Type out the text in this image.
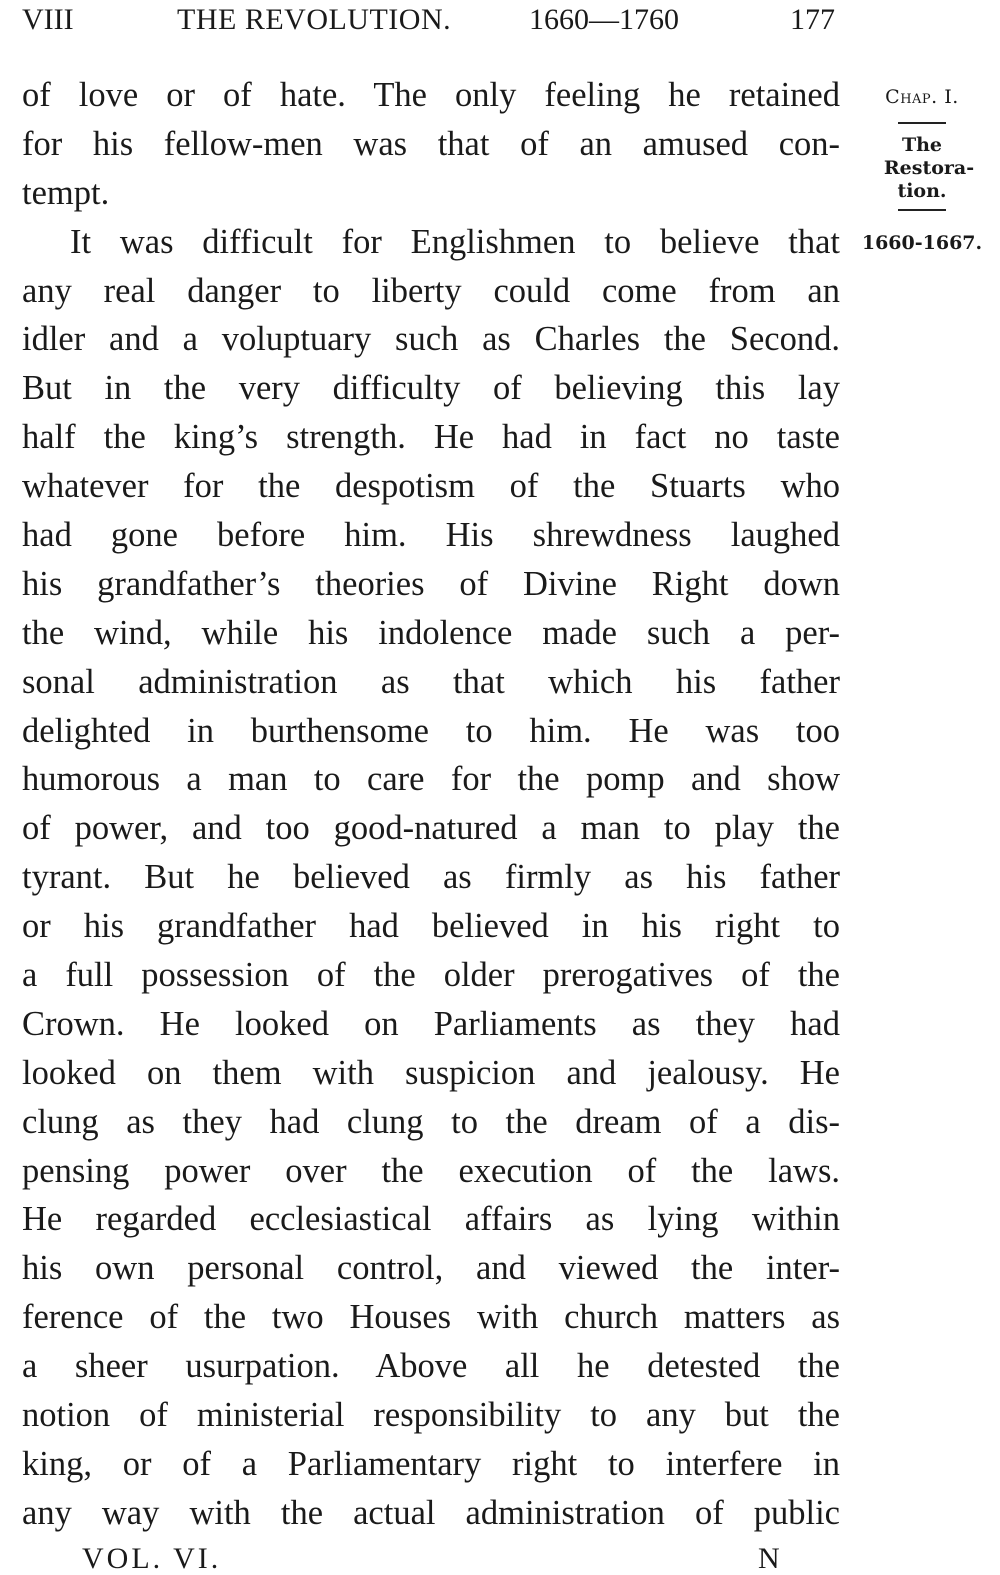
VIII	THE REVOLUTION.	1660—1760	177
of love or of hate. The only feeling he retained
for his fellow-men was that of an amused con-
tempt.
It was difficult for Englishmen to believe that
any real danger to liberty could come from an
idler and a voluptuary such as Charles the Second.
But in the very difficulty of believing this lay
half the king’s strength. He had in fact no taste
whatever for the despotism of the Stuarts who
had gone before him. His shrewdness laughed
his grandfather’s theories of Divine Right down
the wind, while his indolence made such a per-
sonal administration as that which his father
delighted in burthensome to him. He was too
humorous a man to care for the pomp and show
of power, and too good-natured a man to play the
tyrant. But he believed as firmly as his father
or his grandfather had believed in his right to
a full possession of the older prerogatives of the
Crown. He looked on Parliaments as they had
looked on them with suspicion and jealousy. He
clung as they had clung to the dream of a dis-
pensing power over the execution of the laws.
He regarded ecclesiastical affairs as lying within
his own personal control, and viewed the inter-
ference of the two Houses with church matters as
a sheer usurpation. Above all he detested the
notion of ministerial responsibility to any but the
king, or of a Parliamentary right to interfere in
any way with the actual administration of public
Chap. I.
The
Restora-
tion.
1660-1667.
VOL. VI.	N
